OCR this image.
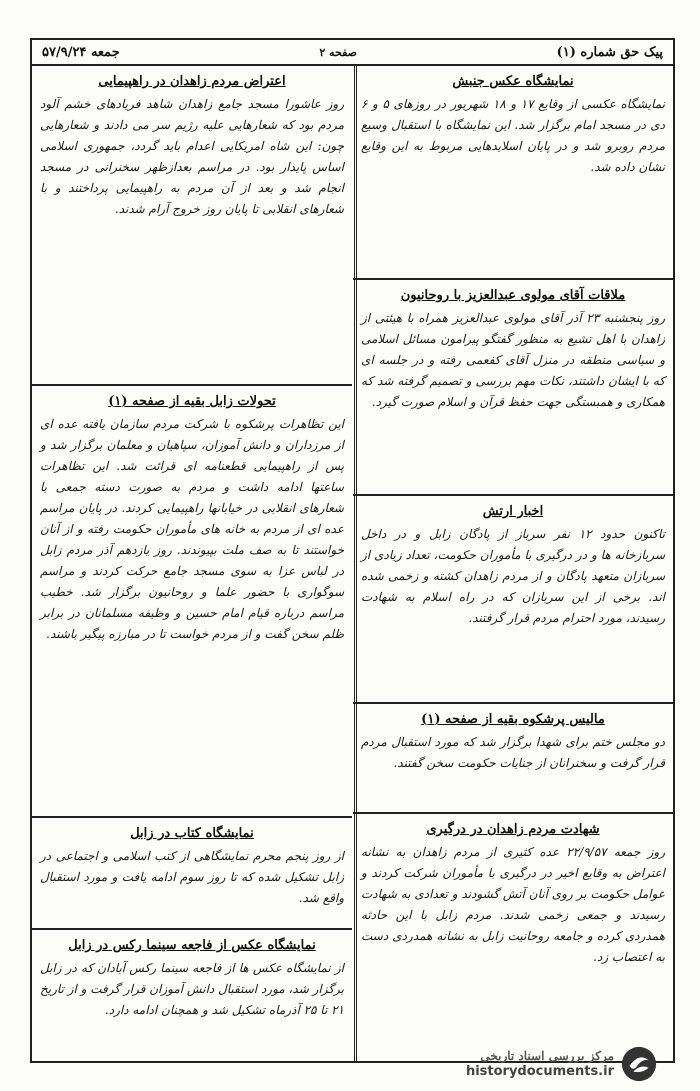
۵۷/۹/۲۴ جمعه	صفحه ۲	پیک حق شماره (۱)
نمایشگاه عکس جنبش

نمایشگاه عکسی از وقایع ۱۷ و ۱۸ شهریور در روزهای ۵ و ۶ دی در مسجد امام برگزار شد. این نمایشگاه با استقبال وسیع مردم روبرو شد و در پایان اسلایدهایی مربوط به این وقایع نشان داده شد.

ملاقات آقای مولوی عبدالعزیز با روحانیون

روز پنجشنبه ۲۳ آذر آقای مولوی عبدالعزیز همراه با هیئتی از زاهدان با اهل تشیع به منظور گفتگو پیرامون مسائل اسلامی و سیاسی منطقه در منزل آقای کفعمی رفته و در جلسه ای که با ایشان داشتند، نکات مهم بررسی و تصمیم گرفته شد که همکاری و همبستگی جهت حفظ قرآن و اسلام صورت گیرد.

اخبار ارتش

تاکنون حدود ۱۲ نفر سرباز از پادگان زابل و در داخل سربازخانه ها و در درگیری با مأموران حکومت، تعداد زیادی از سربازان متعهد پادگان و از مردم زاهدان کشته و زخمی شده اند. برخی از این سربازان که در راه اسلام به شهادت رسیدند، مورد احترام مردم قرار گرفتند.

مالیس پرشکوه بقیه از صفحه (۱)

دو مجلس ختم برای شهدا برگزار شد که مورد استقبال مردم قرار گرفت و سخنرانان از جنایات حکومت سخن گفتند.

شهادت مردم زاهدان در درگیری

روز جمعه ۲۲/۹/۵۷ عده کثیری از مردم زاهدان به نشانه اعتراض به وقایع اخیر در درگیری با مأموران شرکت کردند و عوامل حکومت بر روی آنان آتش گشودند و تعدادی به شهادت رسیدند و جمعی زخمی شدند. مردم زابل با این حادثه همدردی کرده و جامعه روحانیت زابل به نشانه همدردی دست به اعتصاب زد.

اعتراض مردم زاهدان در راهپیمایی

روز عاشورا مسجد جامع زاهدان شاهد فریادهای خشم آلود مردم بود که شعارهایی علیه رژیم سر می دادند و شعارهایی چون: این شاه امریکایی اعدام باید گردد، جمهوری اسلامی اساس پایدار بود. در مراسم بعدازظهر سخنرانی در مسجد انجام شد و بعد از آن مردم به راهپیمایی پرداختند و با شعارهای انقلابی تا پایان روز خروج آرام شدند.

تحولات زابل بقیه از صفحه (۱)

این تظاهرات پرشکوه با شرکت مردم سازمان یافته عده ای از مرزداران و دانش آموزان، سپاهیان و معلمان برگزار شد و پس از راهپیمایی قطعنامه ای قرائت شد. این تظاهرات ساعتها ادامه داشت و مردم به صورت دسته جمعی با شعارهای انقلابی در خیابانها راهپیمایی کردند. در پایان مراسم عده ای از مردم به خانه های مأموران حکومت رفته و از آنان خواستند تا به صف ملت بپیوندند. روز یازدهم آذر مردم زابل در لباس عزا به سوی مسجد جامع حرکت کردند و مراسم سوگواری با حضور علما و روحانیون برگزار شد. خطیب مراسم درباره قیام امام حسین و وظیفه مسلمانان در برابر ظلم سخن گفت و از مردم خواست تا در مبارزه پیگیر باشند.

نمایشگاه کتاب در زابل

از روز پنجم محرم نمایشگاهی از کتب اسلامی و اجتماعی در زابل تشکیل شده که تا روز سوم ادامه یافت و مورد استقبال واقع شد.

نمایشگاه عکس از فاجعه سینما رکس در زابل

از نمایشگاه عکس ها از فاجعه سینما رکس آبادان که در زابل برگزار شد، مورد استقبال دانش آموزان قرار گرفت و از تاریخ ۲۱ تا ۲۵ آذرماه تشکیل شد و همچنان ادامه دارد.

مرکز بررسی اسناد تاریخی
historydocuments.ir
